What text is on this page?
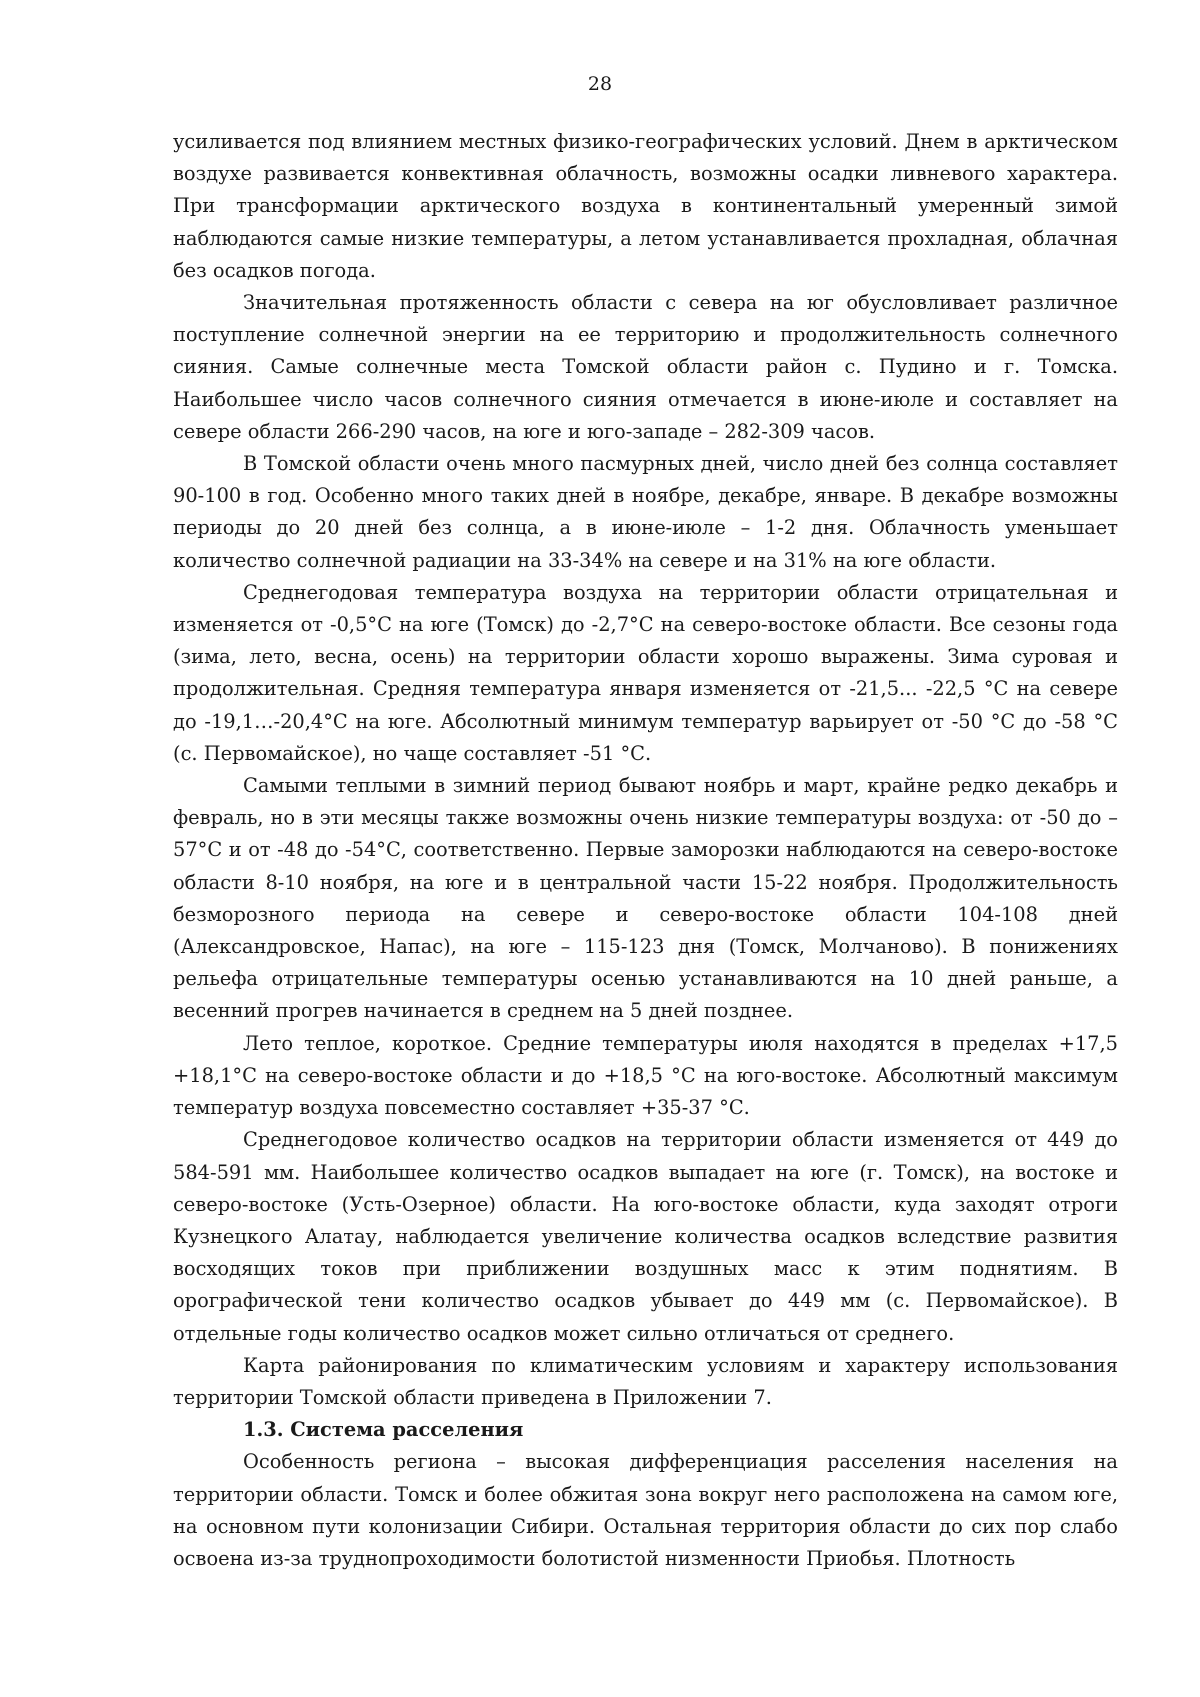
28

усиливается под влиянием местных физико-географических условий. Днем в арктическом воздухе развивается конвективная облачность, возможны осадки ливневого характера. При трансформации арктического воздуха в континентальный умеренный зимой наблюдаются самые низкие температуры, а летом устанавливается прохладная, облачная без осадков погода.

Значительная протяженность области с севера на юг обусловливает различное поступление солнечной энергии на ее территорию и продолжительность солнечного сияния. Самые солнечные места Томской области район с. Пудино и г. Томска. Наибольшее число часов солнечного сияния отмечается в июне-июле и составляет на севере области 266-290 часов, на юге и юго-западе – 282-309 часов.

В Томской области очень много пасмурных дней, число дней без солнца составляет 90-100 в год. Особенно много таких дней в ноябре, декабре, январе. В декабре возможны периоды до 20 дней без солнца, а в июне-июле – 1-2 дня. Облачность уменьшает количество солнечной радиации на 33-34% на севере и на 31% на юге области.

Среднегодовая температура воздуха на территории области отрицательная и изменяется от -0,5°С на юге (Томск) до -2,7°С на северо-востоке области. Все сезоны года (зима, лето, весна, осень) на территории области хорошо выражены. Зима суровая и продолжительная. Средняя температура января изменяется от -21,5... -22,5 °С на севере до -19,1…-20,4°С на юге. Абсолютный минимум температур варьирует от -50 °С до -58 °С (с. Первомайское), но чаще составляет -51 °С.

Самыми теплыми в зимний период бывают ноябрь и март, крайне редко декабрь и февраль, но в эти месяцы также возможны очень низкие температуры воздуха: от -50 до –57°С и от -48 до -54°С, соответственно. Первые заморозки наблюдаются на северо-востоке области 8-10 ноября, на юге и в центральной части 15-22 ноября. Продолжительность безморозного периода на севере и северо-востоке области 104-108 дней (Александровское, Напас), на юге – 115-123 дня (Томск, Молчаново). В понижениях рельефа отрицательные температуры осенью устанавливаются на 10 дней раньше, а весенний прогрев начинается в среднем на 5 дней позднее.

Лето теплое, короткое. Средние температуры июля находятся в пределах +17,5 +18,1°С на северо-востоке области и до +18,5 °С на юго-востоке. Абсолютный максимум температур воздуха повсеместно составляет +35-37 °С.

Среднегодовое количество осадков на территории области изменяется от 449 до 584-591 мм. Наибольшее количество осадков выпадает на юге (г. Томск), на востоке и северо-востоке (Усть-Озерное) области. На юго-востоке области, куда заходят отроги Кузнецкого Алатау, наблюдается увеличение количества осадков вследствие развития восходящих токов при приближении воздушных масс к этим поднятиям. В орографической тени количество осадков убывает до 449 мм (с. Первомайское). В отдельные годы количество осадков может сильно отличаться от среднего.

Карта районирования по климатическим условиям и характеру использования территории Томской области приведена в Приложении 7.

1.3. Система расселения

Особенность региона – высокая дифференциация расселения населения на территории области. Томск и более обжитая зона вокруг него расположена на самом юге, на основном пути колонизации Сибири. Остальная территория области до сих пор слабо освоена из-за труднопроходимости болотистой низменности Приобья. Плотность
